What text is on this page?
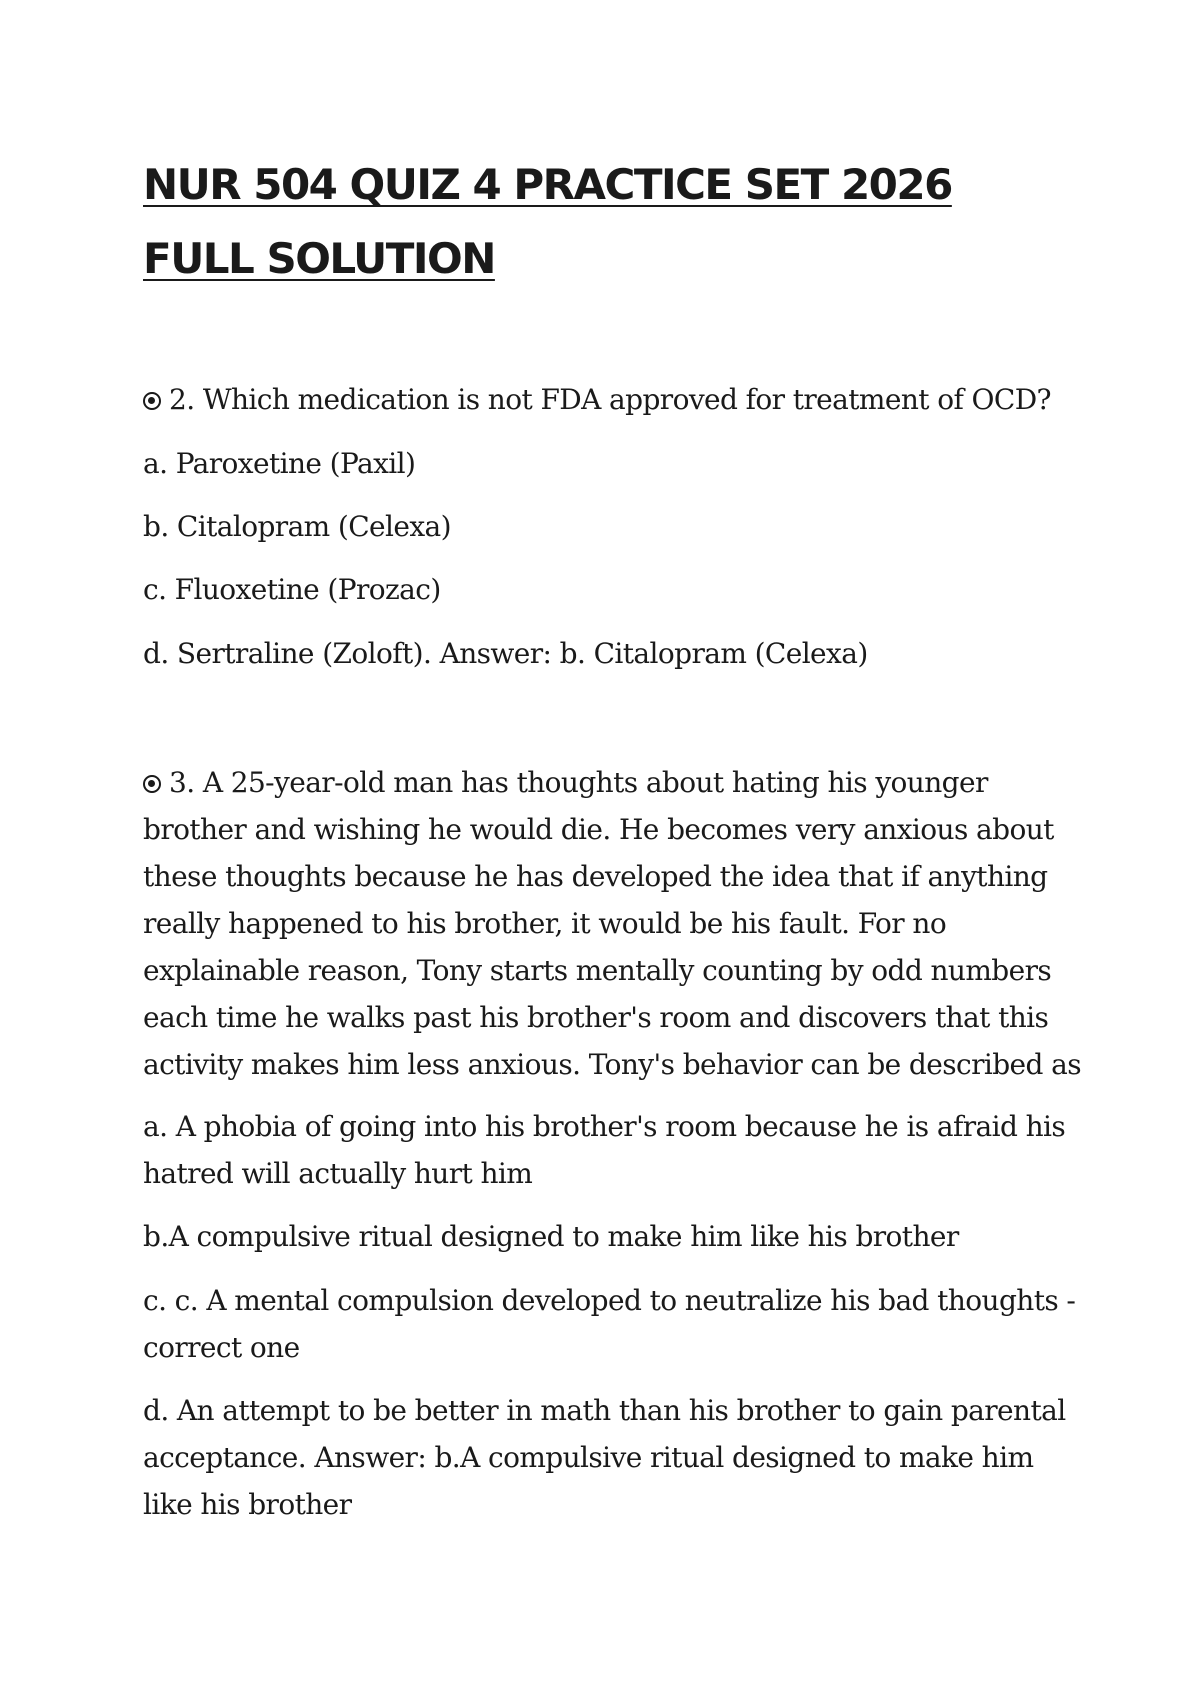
NUR 504 QUIZ 4 PRACTICE SET 2026 FULL SOLUTION

2. Which medication is not FDA approved for treatment of OCD?

a. Paroxetine (Paxil)

b. Citalopram (Celexa)

c. Fluoxetine (Prozac)

d. Sertraline (Zoloft). Answer: b. Citalopram (Celexa)

3. A 25-year-old man has thoughts about hating his younger brother and wishing he would die. He becomes very anxious about these thoughts because he has developed the idea that if anything really happened to his brother, it would be his fault. For no explainable reason, Tony starts mentally counting by odd numbers each time he walks past his brother's room and discovers that this activity makes him less anxious. Tony's behavior can be described as

a. A phobia of going into his brother's room because he is afraid his hatred will actually hurt him

b.A compulsive ritual designed to make him like his brother

c. c. A mental compulsion developed to neutralize his bad thoughts - correct one

d. An attempt to be better in math than his brother to gain parental acceptance. Answer: b.A compulsive ritual designed to make him like his brother
